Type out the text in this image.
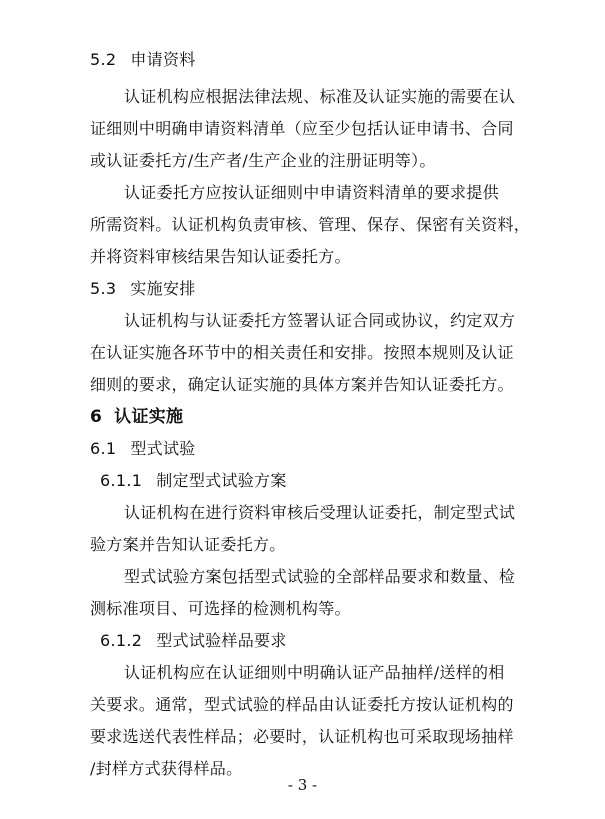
5.2 申请资料
认证机构应根据法律法规、标准及认证实施的需要在认
证细则中明确申请资料清单（应至少包括认证申请书、合同
或认证委托方/生产者/生产企业的注册证明等）。
认证委托方应按认证细则中申请资料清单的要求提供
所需资料。认证机构负责审核、管理、保存、保密有关资料，
并将资料审核结果告知认证委托方。
5.3 实施安排
认证机构与认证委托方签署认证合同或协议，约定双方
在认证实施各环节中的相关责任和安排。按照本规则及认证
细则的要求，确定认证实施的具体方案并告知认证委托方。
6 认证实施
6.1 型式试验
6.1.1 制定型式试验方案
认证机构在进行资料审核后受理认证委托，制定型式试
验方案并告知认证委托方。
型式试验方案包括型式试验的全部样品要求和数量、检
测标准项目、可选择的检测机构等。
6.1.2 型式试验样品要求
认证机构应在认证细则中明确认证产品抽样/送样的相
关要求。通常，型式试验的样品由认证委托方按认证机构的
要求选送代表性样品；必要时，认证机构也可采取现场抽样
/封样方式获得样品。
- 3 -
